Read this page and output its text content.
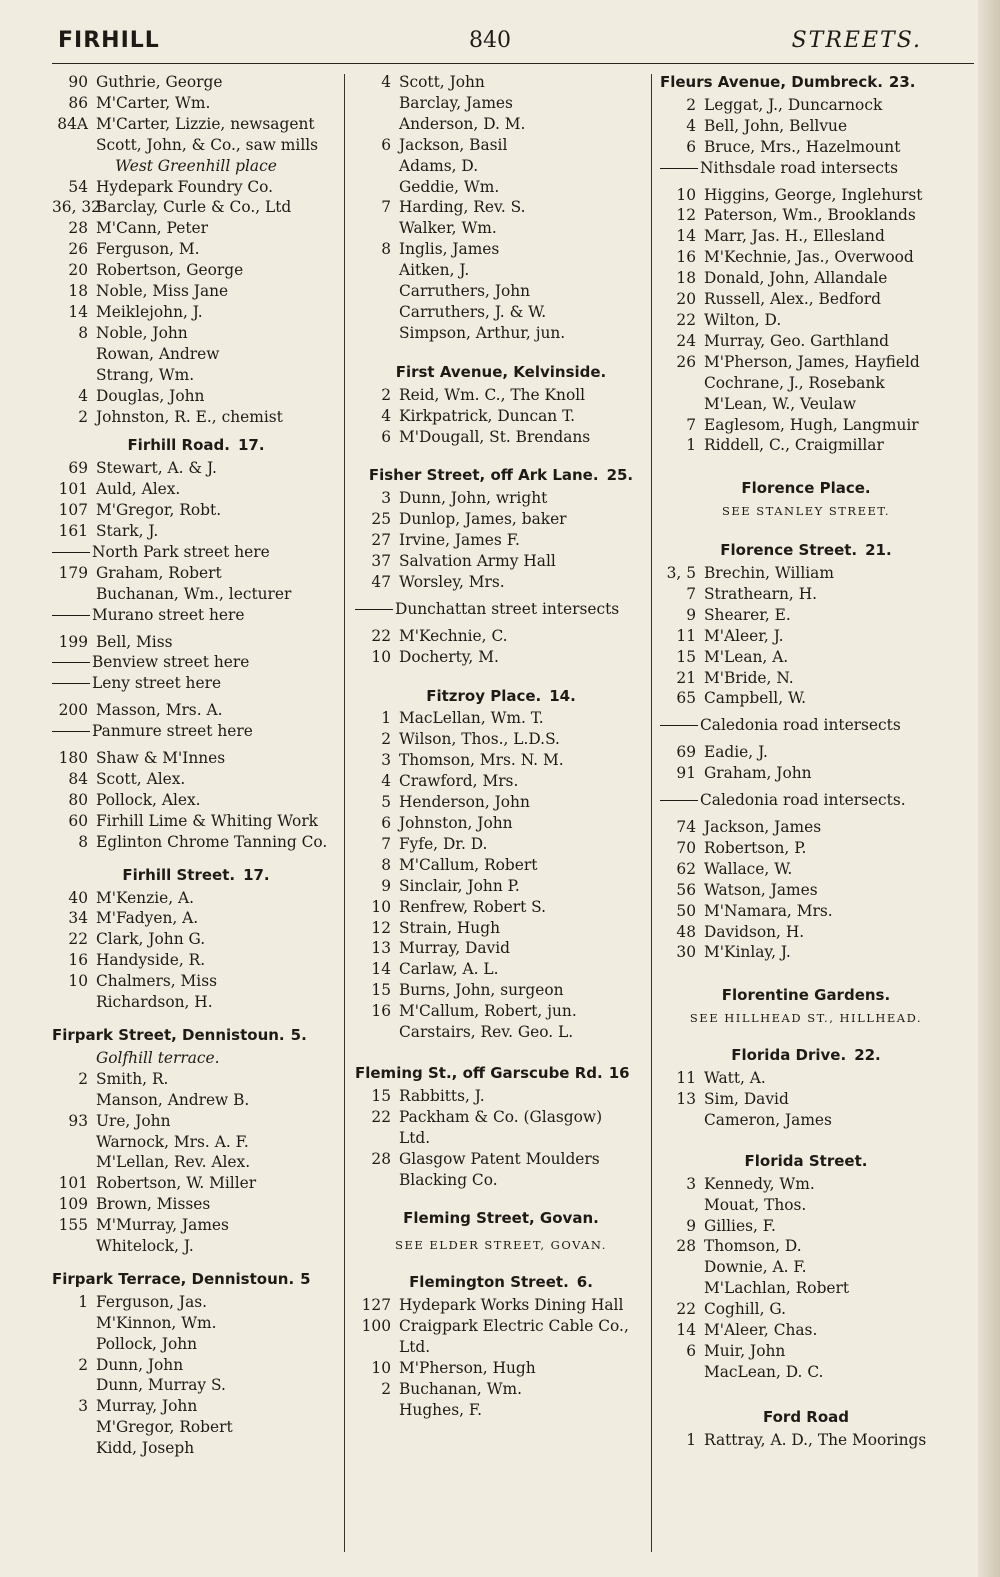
FIRHILL	840	STREETS.
90 Guthrie, George
86 M'Carter, Wm.
84A M'Carter, Lizzie, newsagent
Scott, John, & Co., saw mills
West Greenhill place
54 Hydepark Foundry Co.
36, 32
Barclay, Curle & Co., Ltd
28 M'Cann, Peter
26 Ferguson, M.
20 Robertson, George
18 Noble, Miss Jane
14 Meiklejohn, J.
8 Noble, John
Rowan, Andrew
Strang, Wm.
4 Douglas, John
2 Johnston, R. E., chemist
Firhill Road. 17.
69 Stewart, A. & J.
101 Auld, Alex.
107 M'Gregor, Robt.
161 Stark, J.
North Park street here
179 Graham, Robert
Buchanan, Wm., lecturer
Murano street here
199 Bell, Miss
Benview street here
Leny street here
200 Masson, Mrs. A.
Panmure street here
180 Shaw & M'Innes
84 Scott, Alex.
80 Pollock, Alex.
60 Firhill Lime & Whiting Work
8 Eglinton Chrome Tanning Co.
Firhill Street. 17.
40 M'Kenzie, A.
34 M'Fadyen, A.
22 Clark, John G.
16 Handyside, R.
10 Chalmers, Miss
Richardson, H.
Firpark Street, Dennistoun. 5.
Golfhill terrace.
2 Smith, R.
Manson, Andrew B.
93 Ure, John
Warnock, Mrs. A. F.
M'Lellan, Rev. Alex.
101 Robertson, W. Miller
109 Brown, Misses
155 M'Murray, James
Whitelock, J.
Firpark Terrace, Dennistoun. 5
1 Ferguson, Jas.
M'Kinnon, Wm.
Pollock, John
2 Dunn, John
Dunn, Murray S.
3 Murray, John
M'Gregor, Robert
Kidd, Joseph
4 Scott, John
Barclay, James
Anderson, D. M.
6 Jackson, Basil
Adams, D.
Geddie, Wm.
7 Harding, Rev. S.
Walker, Wm.
8 Inglis, James
Aitken, J.
Carruthers, John
Carruthers, J. & W.
Simpson, Arthur, jun.
First Avenue, Kelvinside.
2 Reid, Wm. C., The Knoll
4 Kirkpatrick, Duncan T.
6 M'Dougall, St. Brendans
Fisher Street, off Ark Lane. 25.
3 Dunn, John, wright
25 Dunlop, James, baker
27 Irvine, James F.
37 Salvation Army Hall
47 Worsley, Mrs.
Dunchattan street intersects
22 M'Kechnie, C.
10 Docherty, M.
Fitzroy Place. 14.
1 MacLellan, Wm. T.
2 Wilson, Thos., L.D.S.
3 Thomson, Mrs. N. M.
4 Crawford, Mrs.
5 Henderson, John
6 Johnston, John
7 Fyfe, Dr. D.
8 M'Callum, Robert
9 Sinclair, John P.
10 Renfrew, Robert S.
12 Strain, Hugh
13 Murray, David
14 Carlaw, A. L.
15 Burns, John, surgeon
16 M'Callum, Robert, jun.
Carstairs, Rev. Geo. L.
Fleming St., off Garscube Rd. 16
15 Rabbitts, J.
22 Packham & Co. (Glasgow)
Ltd.
28 Glasgow Patent Moulders
Blacking Co.
Fleming Street, Govan.
SEE ELDER STREET, GOVAN.
Flemington Street. 6.
127 Hydepark Works Dining Hall
100 Craigpark Electric Cable Co.,
Ltd.
10 M'Pherson, Hugh
2 Buchanan, Wm.
Hughes, F.
Fleurs Avenue, Dumbreck. 23.
2 Leggat, J., Duncarnock
4 Bell, John, Bellvue
6 Bruce, Mrs., Hazelmount
Nithsdale road intersects
10 Higgins, George, Inglehurst
12 Paterson, Wm., Brooklands
14 Marr, Jas. H., Ellesland
16 M'Kechnie, Jas., Overwood
18 Donald, John, Allandale
20 Russell, Alex., Bedford
22 Wilton, D.
24 Murray, Geo. Garthland
26 M'Pherson, James, Hayfield
Cochrane, J., Rosebank
M'Lean, W., Veulaw
7 Eaglesom, Hugh, Langmuir
1 Riddell, C., Craigmillar
Florence Place.
SEE STANLEY STREET.
Florence Street. 21.
3, 5 Brechin, William
7 Strathearn, H.
9 Shearer, E.
11 M'Aleer, J.
15 M'Lean, A.
21 M'Bride, N.
65 Campbell, W.
Caledonia road intersects
69 Eadie, J.
91 Graham, John
Caledonia road intersects.
74 Jackson, James
70 Robertson, P.
62 Wallace, W.
56 Watson, James
50 M'Namara, Mrs.
48 Davidson, H.
30 M'Kinlay, J.
Florentine Gardens.
SEE HILLHEAD ST., HILLHEAD.
Florida Drive. 22.
11 Watt, A.
13 Sim, David
Cameron, James
Florida Street.
3 Kennedy, Wm.
Mouat, Thos.
9 Gillies, F.
28 Thomson, D.
Downie, A. F.
M'Lachlan, Robert
22 Coghill, G.
14 M'Aleer, Chas.
6 Muir, John
MacLean, D. C.
Ford Road
1 Rattray, A. D., The Moorings
